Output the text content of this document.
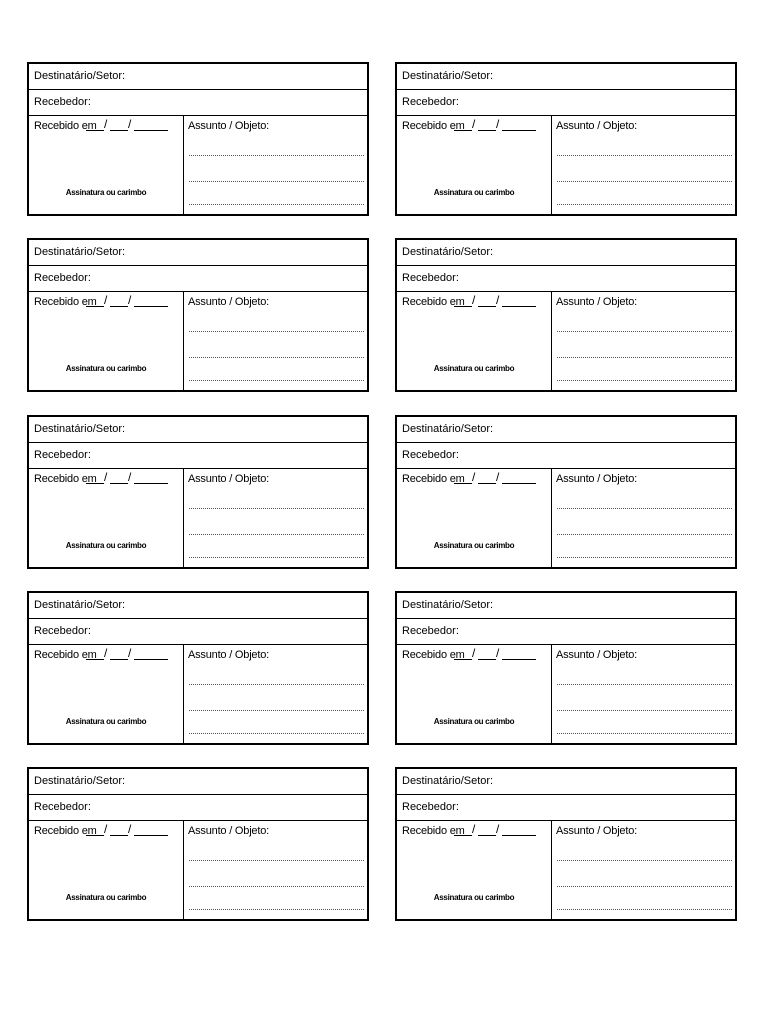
Destinatário/Setor:
Recebedor:
Recebido em / /
Assinatura ou carimbo
Assunto / Objeto:
Destinatário/Setor:
Recebedor:
Recebido em / /
Assinatura ou carimbo
Assunto / Objeto:
Destinatário/Setor:
Recebedor:
Recebido em / /
Assinatura ou carimbo
Assunto / Objeto:
Destinatário/Setor:
Recebedor:
Recebido em / /
Assinatura ou carimbo
Assunto / Objeto:
Destinatário/Setor:
Recebedor:
Recebido em / /
Assinatura ou carimbo
Assunto / Objeto:
Destinatário/Setor:
Recebedor:
Recebido em / /
Assinatura ou carimbo
Assunto / Objeto:
Destinatário/Setor:
Recebedor:
Recebido em / /
Assinatura ou carimbo
Assunto / Objeto:
Destinatário/Setor:
Recebedor:
Recebido em / /
Assinatura ou carimbo
Assunto / Objeto:
Destinatário/Setor:
Recebedor:
Recebido em / /
Assinatura ou carimbo
Assunto / Objeto:
Destinatário/Setor:
Recebedor:
Recebido em / /
Assinatura ou carimbo
Assunto / Objeto:
